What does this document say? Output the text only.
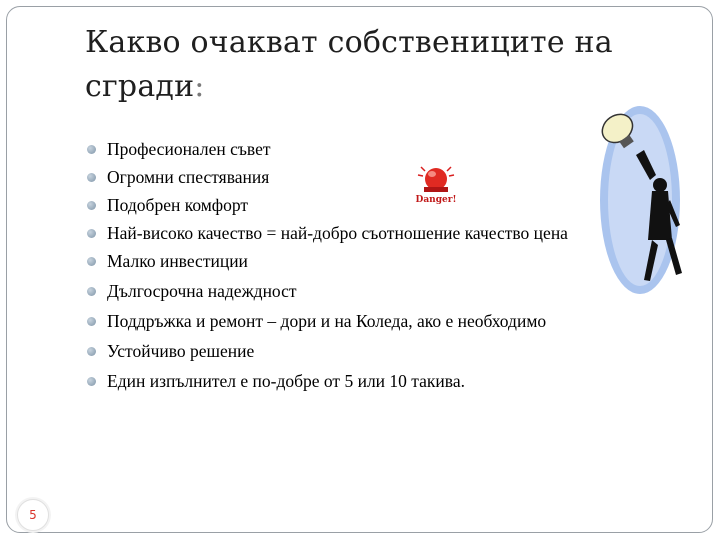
Какво очакват собствениците на сгради:
Професионален съвет
Огромни спестявания
Подобрен комфорт
Най-високо качество = най-добро съотношение качество цена
Малко инвестиции
Дългосрочна надеждност
Поддръжка и ремонт – дори и на Коледа, ако е необходимо
Устойчиво решение
Един изпълнител е по-добре от 5 или 10 такива.
Danger!
5
